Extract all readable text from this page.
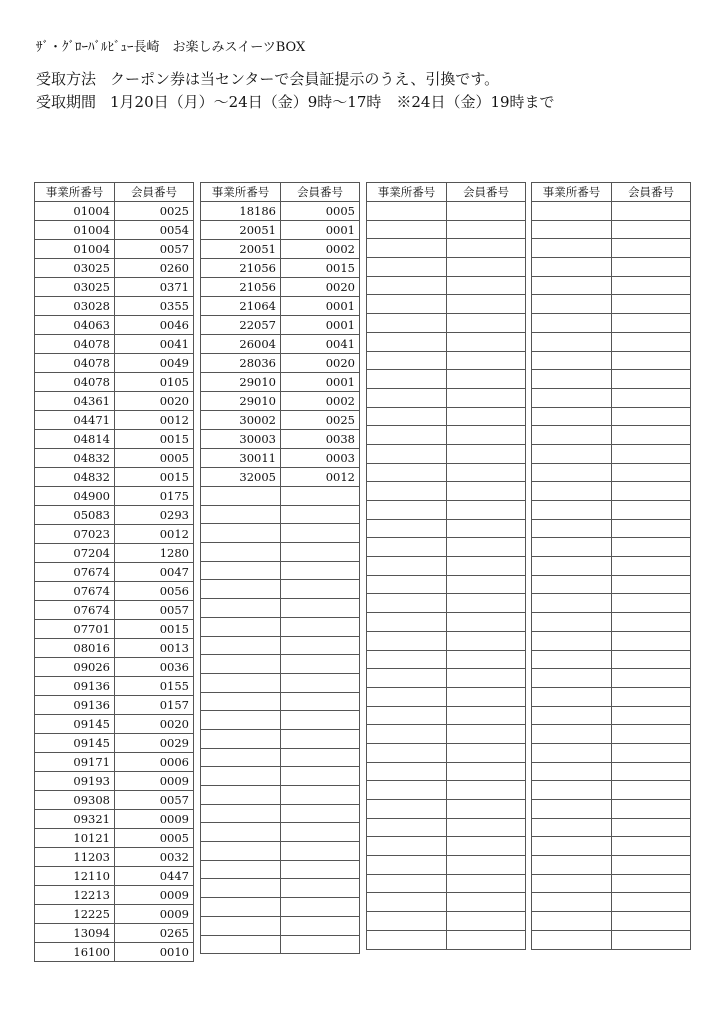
ｻﾞ・ｸﾞﾛｰﾊﾞﾙﾋﾞｭｰ長崎　お楽しみスイーツBOX
受取方法 クーポン券は当センターで会員証提示のうえ、引換です。
受取期間 1月20日（月）～24日（金）9時～17時　※24日（金）19時まで
事業所番号	会員番号
01004	0025
01004	0054
01004	0057
03025	0260
03025	0371
03028	0355
04063	0046
04078	0041
04078	0049
04078	0105
04361	0020
04471	0012
04814	0015
04832	0005
04832	0015
04900	0175
05083	0293
07023	0012
07204	1280
07674	0047
07674	0056
07674	0057
07701	0015
08016	0013
09026	0036
09136	0155
09136	0157
09145	0020
09145	0029
09171	0006
09193	0009
09308	0057
09321	0009
10121	0005
11203	0032
12110	0447
12213	0009
12225	0009
13094	0265
16100	0010
事業所番号	会員番号
18186	0005
20051	0001
20051	0002
21056	0015
21056	0020
21064	0001
22057	0001
26004	0041
28036	0020
29010	0001
29010	0002
30002	0025
30003	0038
30011	0003
32005	0012

事業所番号	会員番号

		事業所番号	会員番号
